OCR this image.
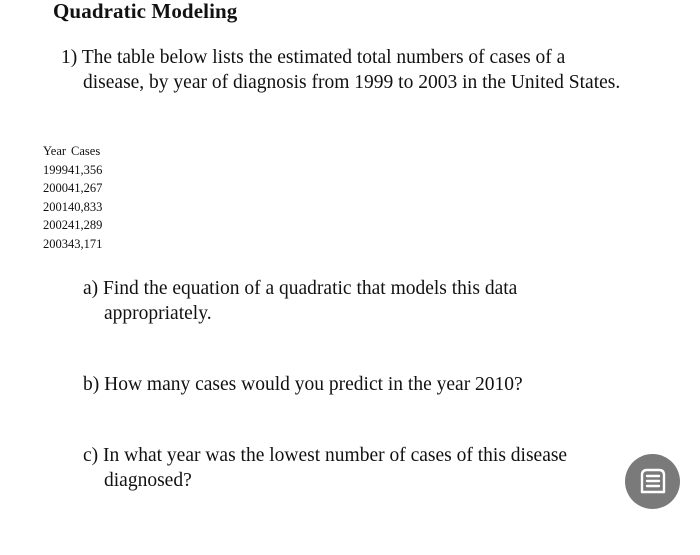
Quadratic Modeling
1) The table below lists the estimated total numbers of cases of a
disease, by year of diagnosis from 1999 to 2003 in the United States.
Year Cases
199941,356
200041,267
200140,833
200241,289
200343,171
a) Find the equation of a quadratic that models this data
appropriately.
b) How many cases would you predict in the year 2010?
c) In what year was the lowest number of cases of this disease
diagnosed?
